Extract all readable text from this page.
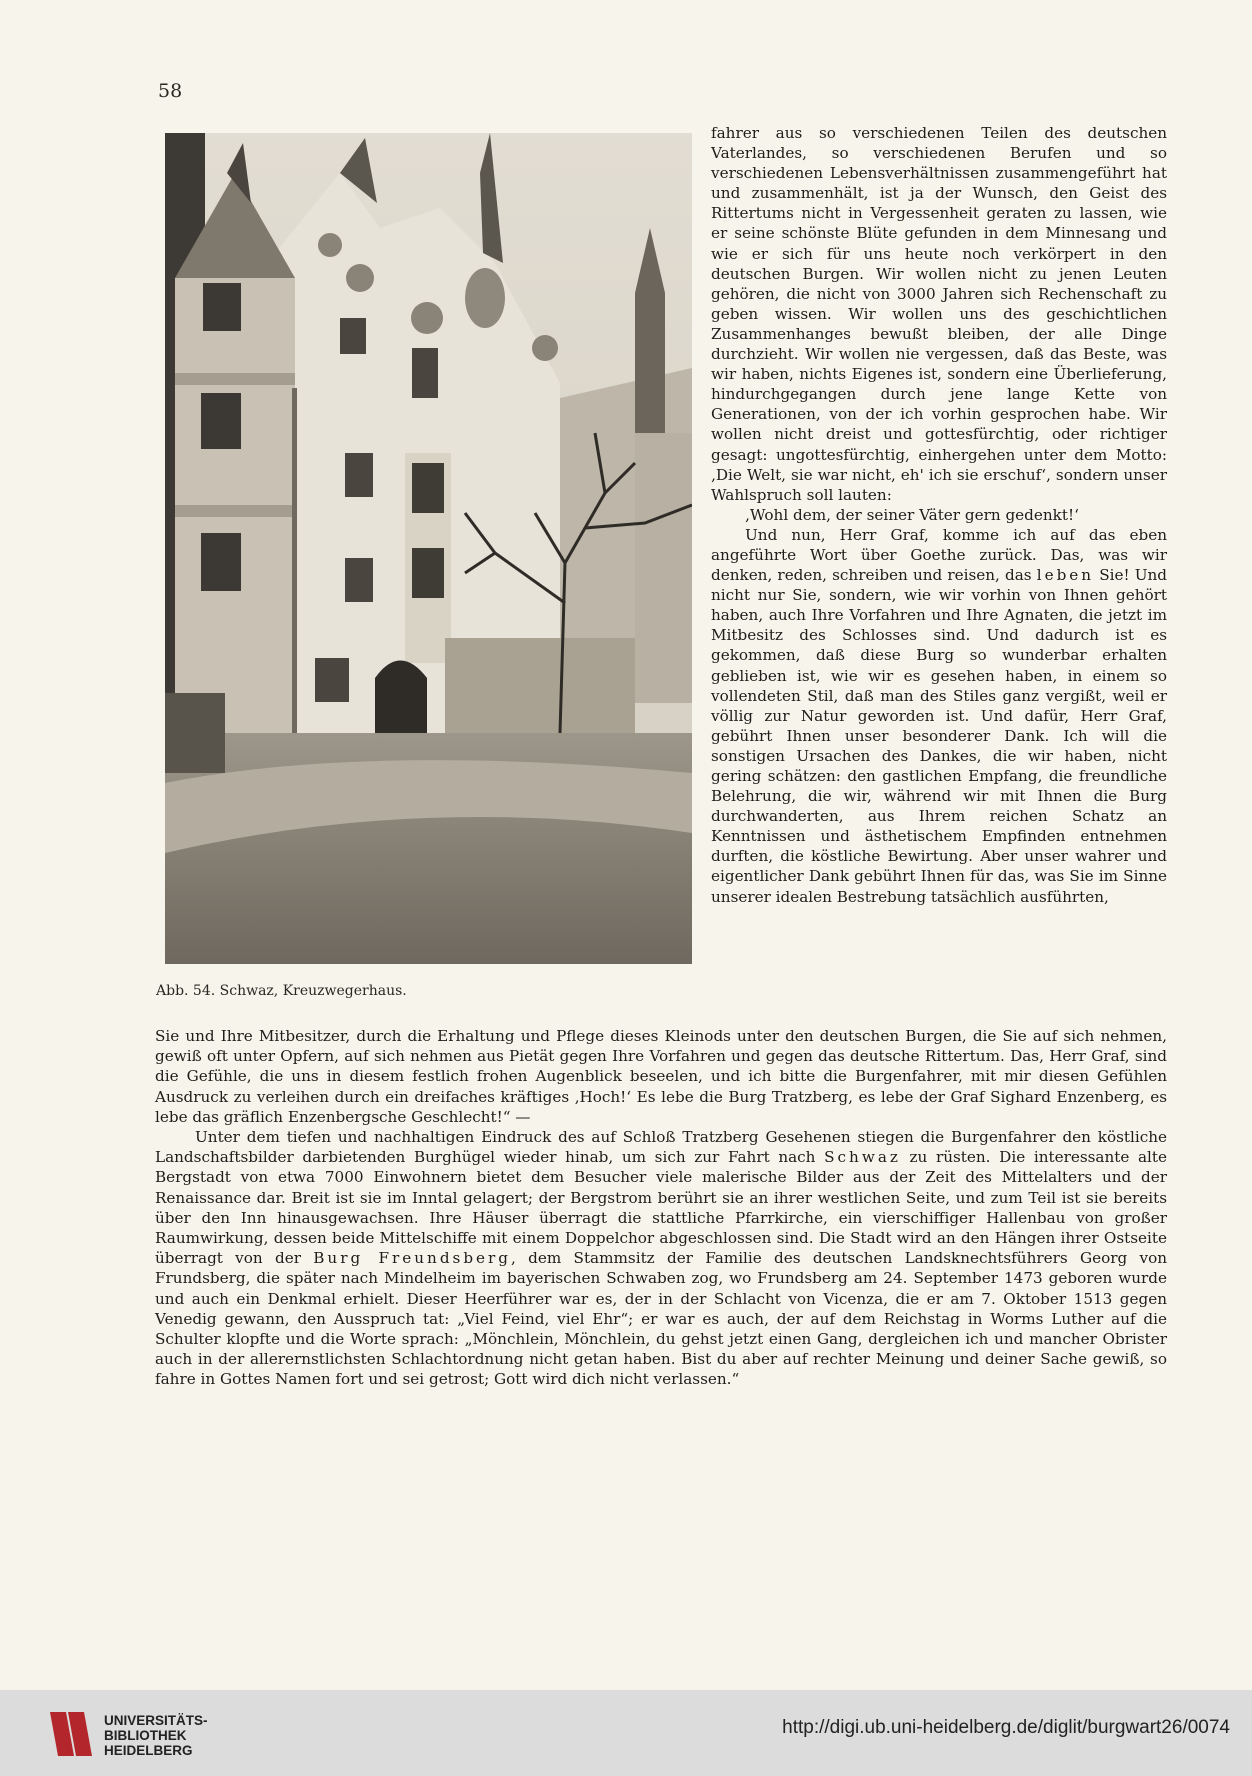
58
Abb. 54. Schwaz, Kreuzwegerhaus.

fahrer aus so verschiedenen Teilen des deutschen Vaterlandes, so verschiedenen Berufen und so verschiedenen Lebensverhältnissen zusammengeführt hat und zusammenhält, ist ja der Wunsch, den Geist des Rittertums nicht in Vergessenheit geraten zu lassen, wie er seine schönste Blüte gefunden in dem Minnesang und wie er sich für uns heute noch verkörpert in den deutschen Burgen. Wir wollen nicht zu jenen Leuten gehören, die nicht von 3000 Jahren sich Rechenschaft zu geben wissen. Wir wollen uns des geschichtlichen Zusammenhanges bewußt bleiben, der alle Dinge durchzieht. Wir wollen nie vergessen, daß das Beste, was wir haben, nichts Eigenes ist, sondern eine Überlieferung, hindurchgegangen durch jene lange Kette von Generationen, von der ich vorhin gesprochen habe. Wir wollen nicht dreist und gottesfürchtig, oder richtiger gesagt: ungottesfürchtig, einhergehen unter dem Motto: ‚Die Welt, sie war nicht, eh' ich sie erschuf‘, sondern unser Wahlspruch soll lauten:

‚Wohl dem, der seiner Väter gern gedenkt!‘

Und nun, Herr Graf, komme ich auf das eben angeführte Wort über Goethe zurück. Das, was wir denken, reden, schreiben und reisen, das leben Sie! Und nicht nur Sie, sondern, wie wir vorhin von Ihnen gehört haben, auch Ihre Vorfahren und Ihre Agnaten, die jetzt im Mitbesitz des Schlosses sind. Und dadurch ist es gekommen, daß diese Burg so wunderbar erhalten geblieben ist, wie wir es gesehen haben, in einem so vollendeten Stil, daß man des Stiles ganz vergißt, weil er völlig zur Natur geworden ist. Und dafür, Herr Graf, gebührt Ihnen unser besonderer Dank. Ich will die sonstigen Ursachen des Dankes, die wir haben, nicht gering schätzen: den gastlichen Empfang, die freundliche Belehrung, die wir, während wir mit Ihnen die Burg durchwanderten, aus Ihrem reichen Schatz an Kenntnissen und ästhetischem Empfinden entnehmen durften, die köstliche Bewirtung. Aber unser wahrer und eigentlicher Dank gebührt Ihnen für das, was Sie im Sinne unserer idealen Bestrebung tatsächlich ausführten,

Sie und Ihre Mitbesitzer, durch die Erhaltung und Pflege dieses Kleinods unter den deutschen Burgen, die Sie auf sich nehmen, gewiß oft unter Opfern, auf sich nehmen aus Pietät gegen Ihre Vorfahren und gegen das deutsche Rittertum. Das, Herr Graf, sind die Gefühle, die uns in diesem festlich frohen Augenblick beseelen, und ich bitte die Burgenfahrer, mit mir diesen Gefühlen Ausdruck zu verleihen durch ein dreifaches kräftiges ‚Hoch!‘ Es lebe die Burg Tratzberg, es lebe der Graf Sighard Enzenberg, es lebe das gräflich Enzenbergsche Geschlecht!“ —

Unter dem tiefen und nachhaltigen Eindruck des auf Schloß Tratzberg Gesehenen stiegen die Burgenfahrer den köstliche Landschaftsbilder darbietenden Burghügel wieder hinab, um sich zur Fahrt nach Schwaz zu rüsten. Die interessante alte Bergstadt von etwa 7000 Einwohnern bietet dem Besucher viele malerische Bilder aus der Zeit des Mittelalters und der Renaissance dar. Breit ist sie im Inntal gelagert; der Bergstrom berührt sie an ihrer westlichen Seite, und zum Teil ist sie bereits über den Inn hinausgewachsen. Ihre Häuser überragt die stattliche Pfarrkirche, ein vierschiffiger Hallenbau von großer Raumwirkung, dessen beide Mittelschiffe mit einem Doppelchor abgeschlossen sind. Die Stadt wird an den Hängen ihrer Ostseite überragt von der Burg Freundsberg, dem Stammsitz der Familie des deutschen Landsknechtsführers Georg von Frundsberg, die später nach Mindelheim im bayerischen Schwaben zog, wo Frundsberg am 24. September 1473 geboren wurde und auch ein Denkmal erhielt. Dieser Heerführer war es, der in der Schlacht von Vicenza, die er am 7. Oktober 1513 gegen Venedig gewann, den Ausspruch tat: „Viel Feind, viel Ehr“; er war es auch, der auf dem Reichstag in Worms Luther auf die Schulter klopfte und die Worte sprach: „Mönchlein, Mönchlein, du gehst jetzt einen Gang, dergleichen ich und mancher Obrister auch in der allerernstlichsten Schlachtordnung nicht getan haben. Bist du aber auf rechter Meinung und deiner Sache gewiß, so fahre in Gottes Namen fort und sei getrost; Gott wird dich nicht verlassen.“

UNIVERSITÄTS-
BIBLIOTHEK
HEIDELBERG
http://digi.ub.uni-heidelberg.de/diglit/burgwart26/0074
